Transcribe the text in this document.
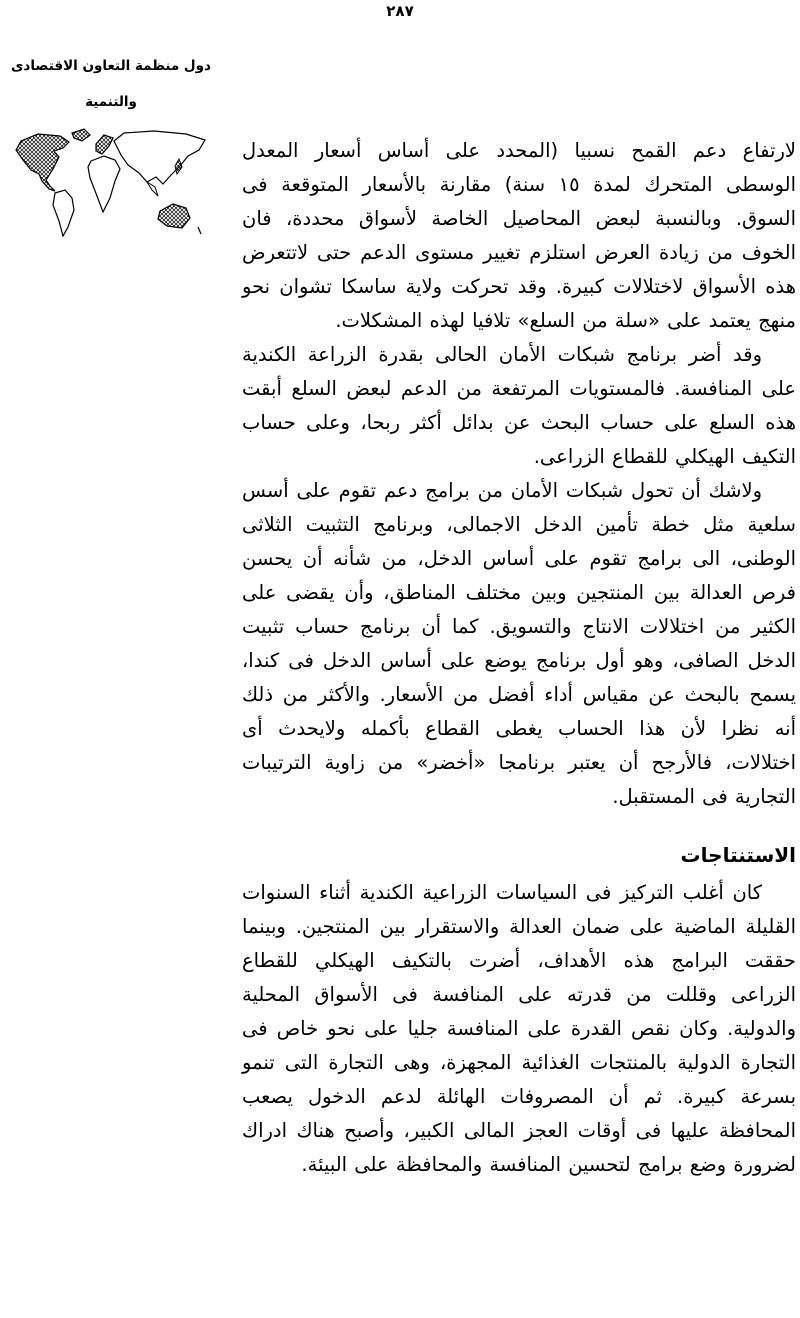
٢٨٧
دول منظمة التعاون الاقتصادى
والتنمية

لارتفاع دعم القمح نسبيا (المحدد على أساس أسعار المعدل الوسطى المتحرك لمدة ١٥ سنة) مقارنة بالأسعار المتوقعة فى السوق. وبالنسبة لبعض المحاصيل الخاصة لأسواق محددة، فان الخوف من زيادة العرض استلزم تغيير مستوى الدعم حتى لاتتعرض هذه الأسواق لاختلالات كبيرة. وقد تحركت ولاية ساسكا تشوان نحو منهج يعتمد على «سلة من السلع» تلافيا لهذه المشكلات.

وقد أضر برنامج شبكات الأمان الحالى بقدرة الزراعة الكندية على المنافسة. فالمستويات المرتفعة من الدعم لبعض السلع أبقت هذه السلع على حساب البحث عن بدائل أكثر ربحا، وعلى حساب التكيف الهيكلي للقطاع الزراعى.

ولاشك أن تحول شبكات الأمان من برامج دعم تقوم على أسس سلعية مثل خطة تأمين الدخل الاجمالى، وبرنامج التثبيت الثلاثى الوطنى، الى برامج تقوم على أساس الدخل، من شأنه أن يحسن فرص العدالة بين المنتجين وبين مختلف المناطق، وأن يقضى على الكثير من اختلالات الانتاج والتسويق. كما أن برنامج حساب تثبيت الدخل الصافى، وهو أول برنامج يوضع على أساس الدخل فى كندا، يسمح بالبحث عن مقياس أداء أفضل من الأسعار. والأكثر من ذلك أنه نظرا لأن هذا الحساب يغطى القطاع بأكمله ولايحدث أى اختلالات، فالأرجح أن يعتبر برنامجا «أخضر» من زاوية الترتيبات التجارية فى المستقبل.

الاستنتاجات

كان أغلب التركيز فى السياسات الزراعية الكندية أثناء السنوات القليلة الماضية على ضمان العدالة والاستقرار بين المنتجين. وبينما حققت البرامج هذه الأهداف، أضرت بالتكيف الهيكلي للقطاع الزراعى وقللت من قدرته على المنافسة فى الأسواق المحلية والدولية. وكان نقص القدرة على المنافسة جليا على نحو خاص فى التجارة الدولية بالمنتجات الغذائية المجهزة، وهى التجارة التى تنمو بسرعة كبيرة. ثم أن المصروفات الهائلة لدعم الدخول يصعب المحافظة عليها فى أوقات العجز المالى الكبير، وأصبح هناك ادراك لضرورة وضع برامج لتحسين المنافسة والمحافظة على البيئة.
